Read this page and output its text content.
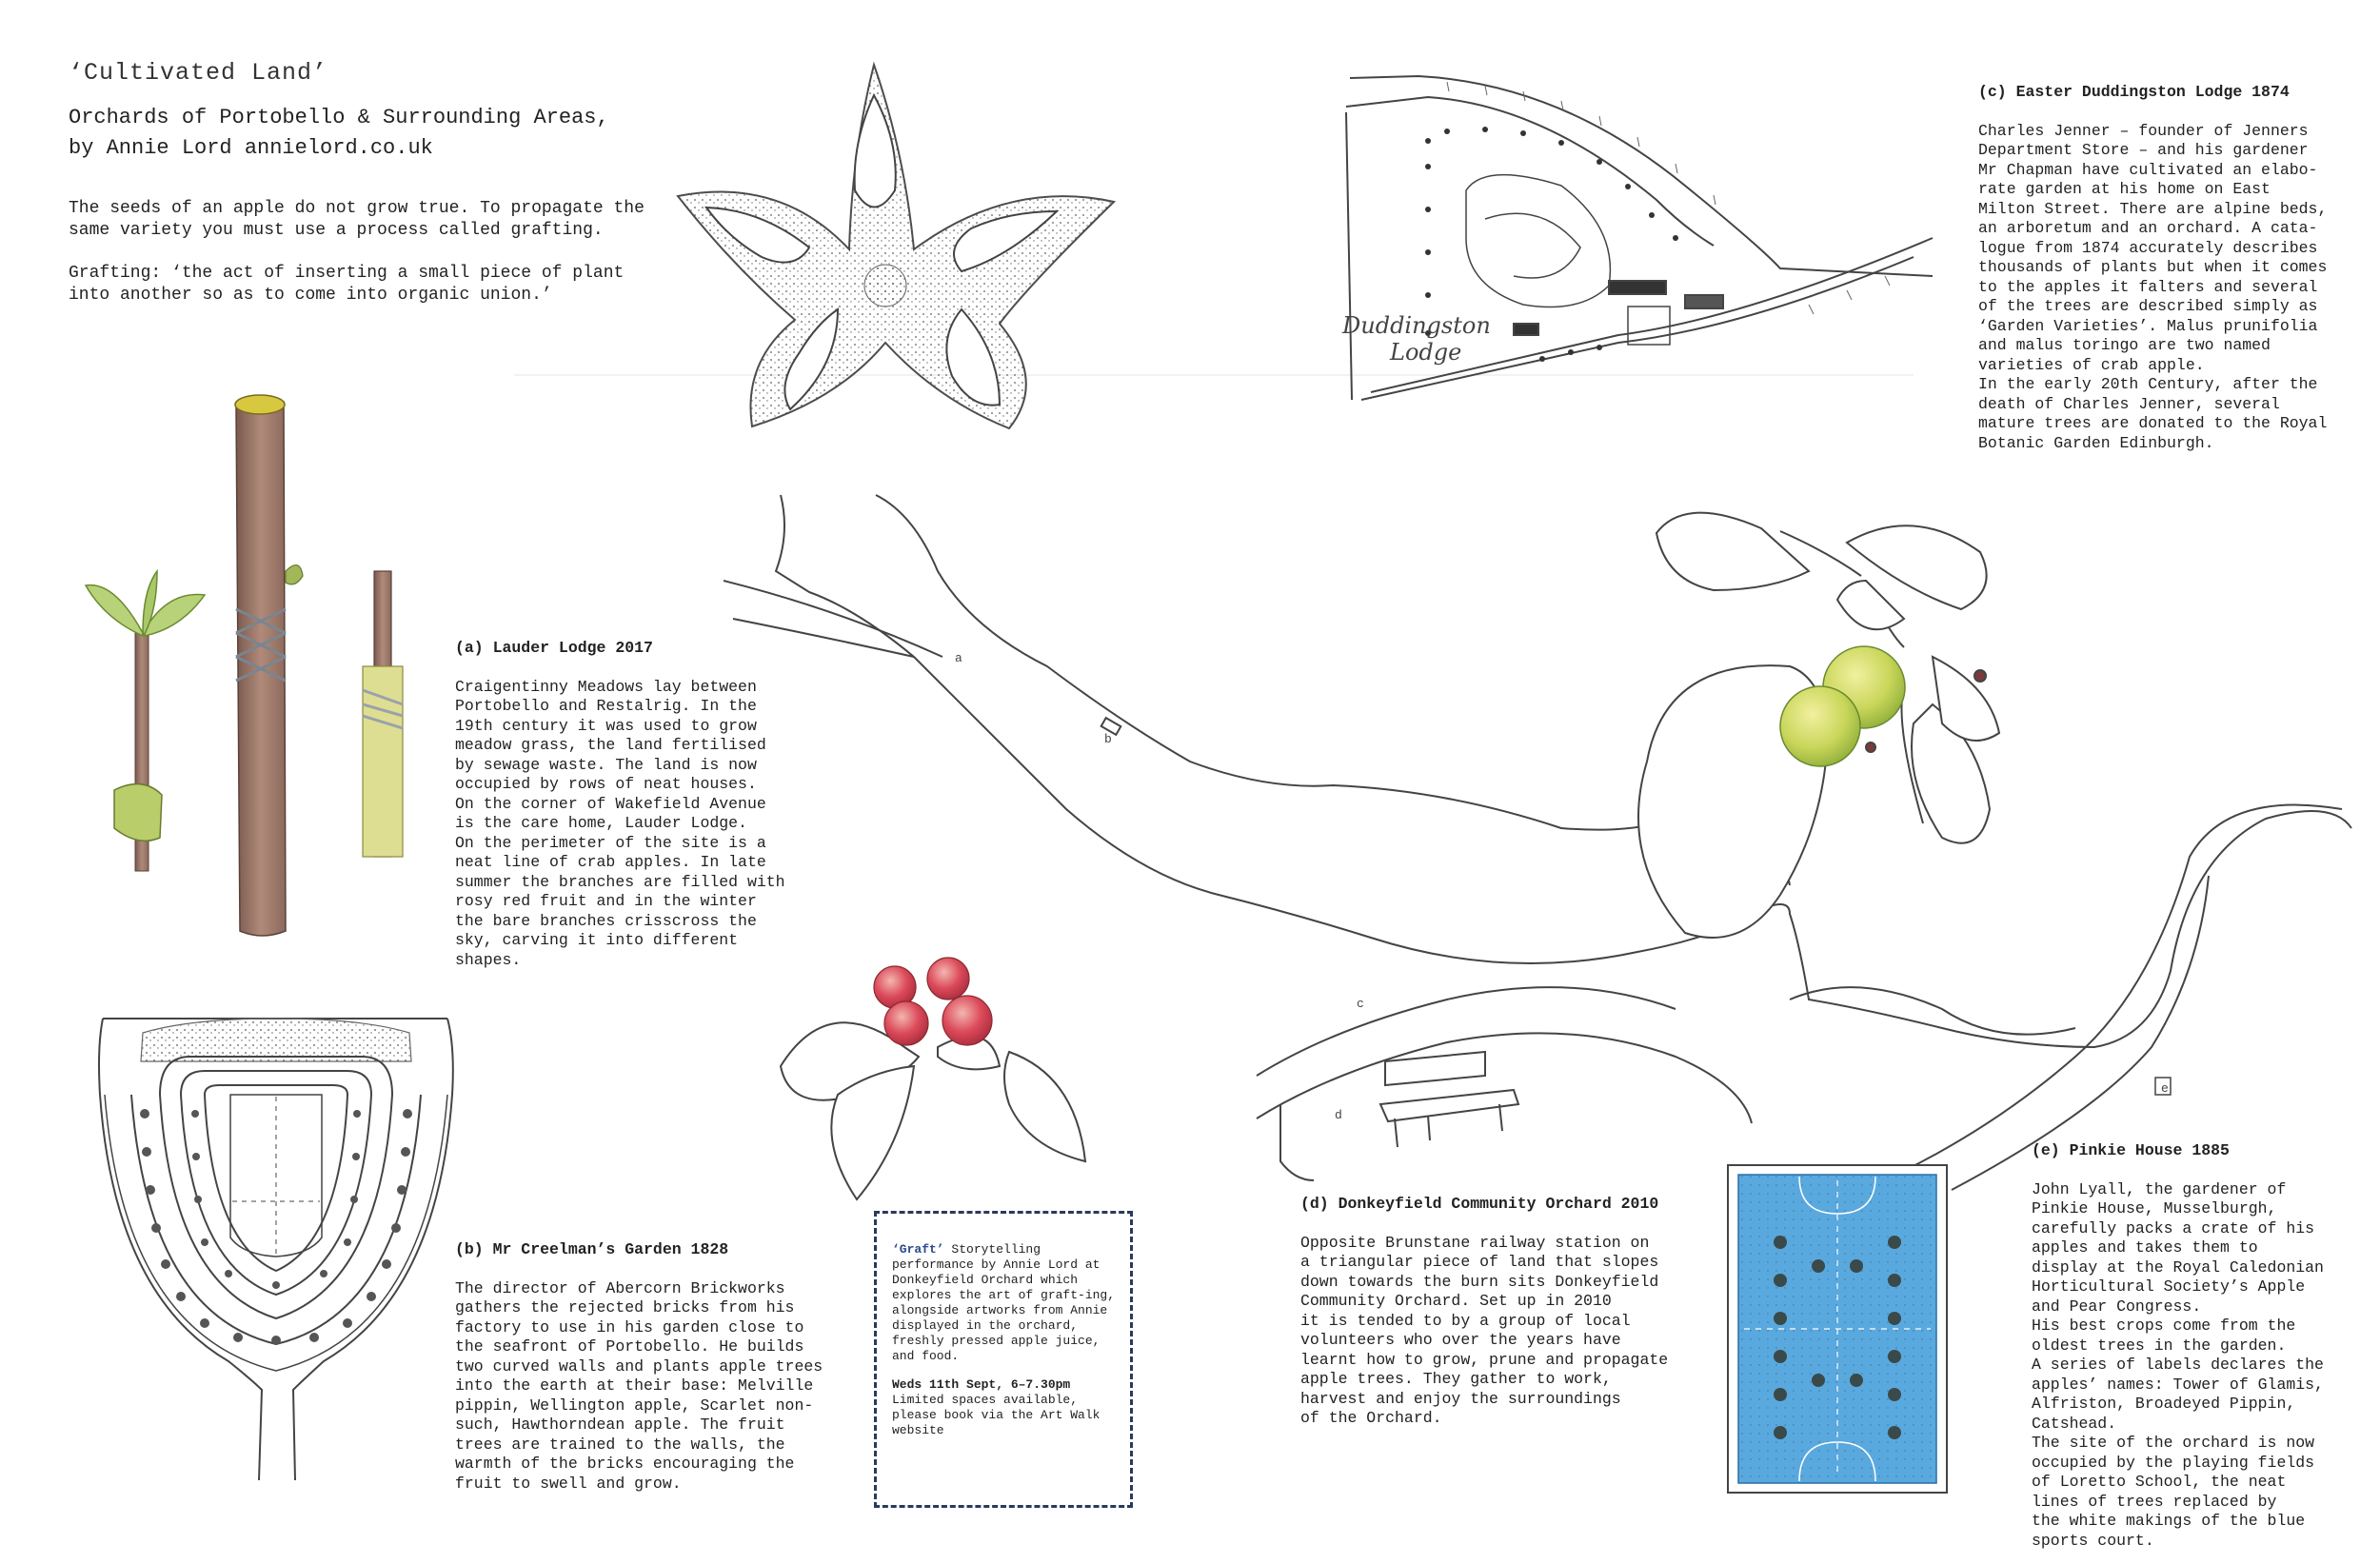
a
b
c
d
e
Duddingston
Lodge
‘Cultivated Land’
Orchards of Portobello & Surrounding Areas,
by Annie Lord annielord.co.uk

The seeds of an apple do not grow true. To propagate the same variety you must use a process called grafting.

Grafting: ‘the act of inserting a small piece of plant into another so as to come into organic union.’

(a) Lauder Lodge 2017

Craigentinny Meadows lay between
Portobello and Restalrig. In the
19th century it was used to grow
meadow grass, the land fertilised
by sewage waste. The land is now
occupied by rows of neat houses.
On the corner of Wakefield Avenue
is the care home, Lauder Lodge.
On the perimeter of the site is a
neat line of crab apples. In late
summer the branches are filled with
rosy red fruit and in the winter
the bare branches crisscross the
sky, carving it into different
shapes.

(b) Mr Creelman’s Garden 1828

The director of Abercorn Brickworks
gathers the rejected bricks from his
factory to use in his garden close to
the seafront of Portobello. He builds
two curved walls and plants apple trees
into the earth at their base: Melville
pippin, Wellington apple, Scarlet non-
such, Hawthorndean apple. The fruit
trees are trained to the walls, the
warmth of the bricks encouraging the
fruit to swell and grow.

(c) Easter Duddingston Lodge 1874

Charles Jenner – founder of Jenners
Department Store – and his gardener
Mr Chapman have cultivated an elabo-
rate garden at his home on East
Milton Street. There are alpine beds,
an arboretum and an orchard. A cata-
logue from 1874 accurately describes
thousands of plants but when it comes
to the apples it falters and several
of the trees are described simply as
‘Garden Varieties’. Malus prunifolia
and malus toringo are two named
varieties of crab apple.
In the early 20th Century, after the
death of Charles Jenner, several
mature trees are donated to the Royal
Botanic Garden Edinburgh.

(d) Donkeyfield Community Orchard 2010

Opposite Brunstane railway station on
a triangular piece of land that slopes
down towards the burn sits Donkeyfield
Community Orchard. Set up in 2010
it is tended to by a group of local
volunteers who over the years have
learnt how to grow, prune and propagate
apple trees. They gather to work,
harvest and enjoy the surroundings
of the Orchard.

(e) Pinkie House 1885

John Lyall, the gardener of
Pinkie House, Musselburgh,
carefully packs a crate of his
apples and takes them to
display at the Royal Caledonian
Horticultural Society’s Apple
and Pear Congress.
His best crops come from the
oldest trees in the garden.
A series of labels declares the
apples’ names: Tower of Glamis,
Alfriston, Broadeyed Pippin,
Catshead.
The site of the orchard is now
occupied by the playing fields
of Loretto School, the neat
lines of trees replaced by
the white makings of the blue
sports court.

‘Graft’ Storytelling performance by Annie Lord at Donkeyfield Orchard which explores the art of graft-ing, alongside artworks from Annie displayed in the orchard, freshly pressed apple juice, and food.
Weds 11th Sept, 6–7.30pm
Limited spaces available, please book via the Art Walk website
